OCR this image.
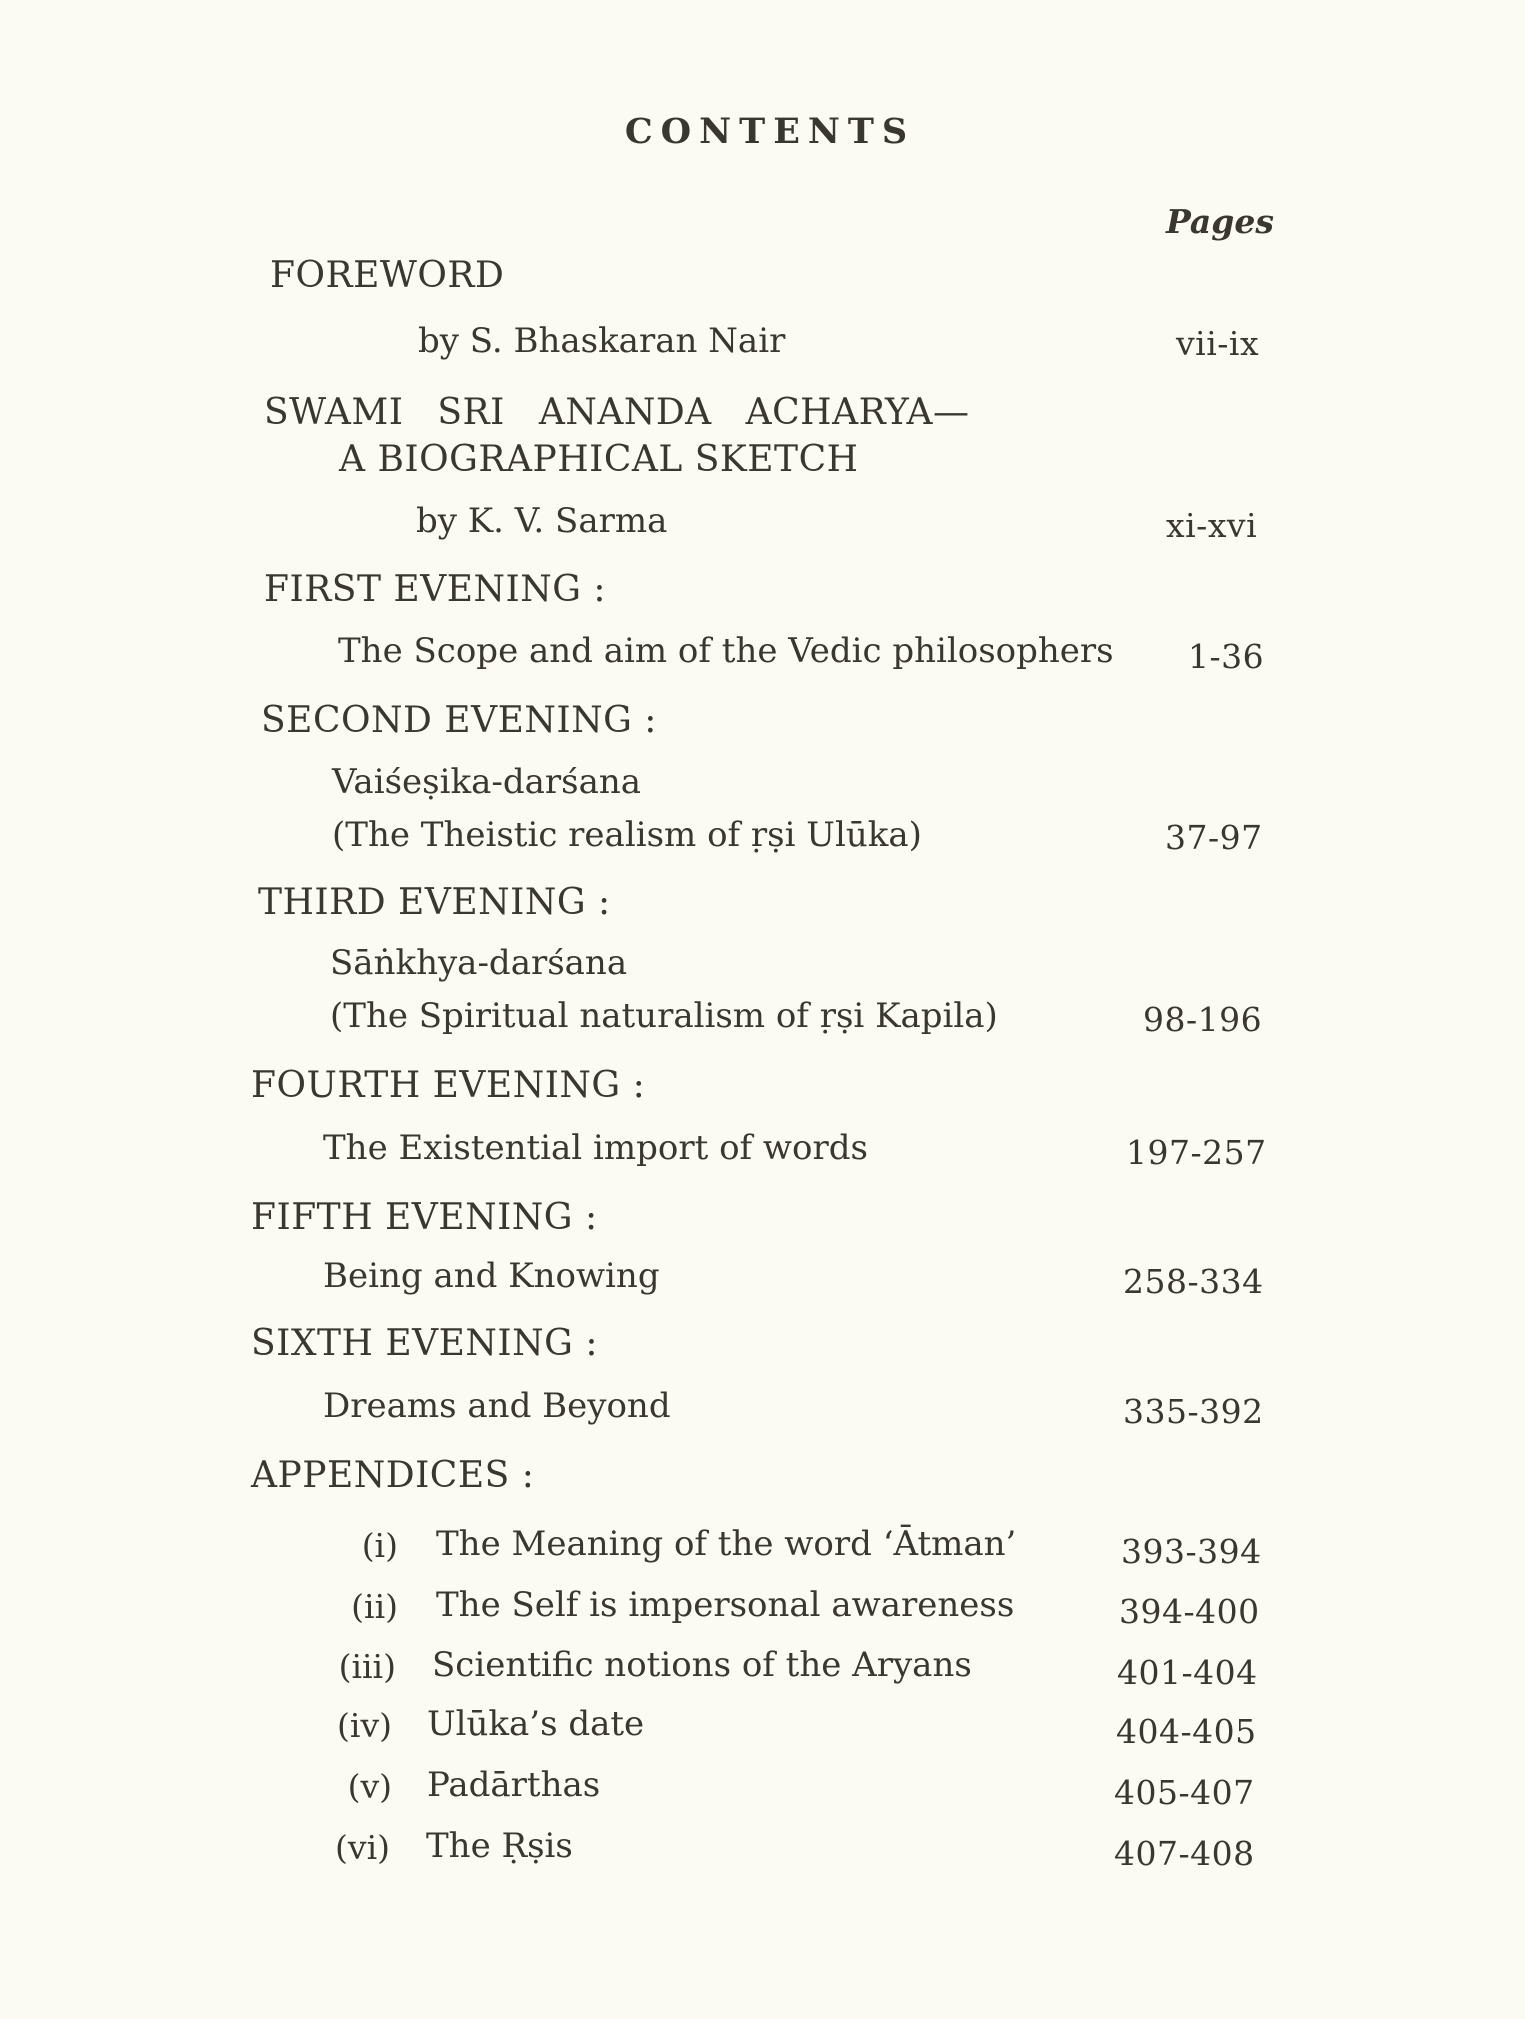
CONTENTS
Pages
FOREWORD
by S. Bhaskaran Nair	vii-ix
SWAMI SRI ANANDA ACHARYA—
A BIOGRAPHICAL SKETCH
by K. V. Sarma	xi-xvi
FIRST EVENING :
The Scope and aim of the Vedic philosophers 1-36
SECOND EVENING :
Vaiśeṣika-darśana
(The Theistic realism of ṛṣi Ulūka)	37-97
THIRD EVENING :
Sāṅkhya-darśana
(The Spiritual naturalism of ṛṣi Kapila)	98-196
FOURTH EVENING :
The Existential import of words	197-257
FIFTH EVENING :
Being and Knowing	258-334
SIXTH EVENING :
Dreams and Beyond	335-392
APPENDICES :
(i) The Meaning of the word ‘Ātman’	393-394
(ii) The Self is impersonal awareness	394-400
(iii) Scientific notions of the Aryans	401-404
(iv) Ulūka’s date	404-405
(v) Padārthas	405-407
(vi) The Ṛṣis	407-408
